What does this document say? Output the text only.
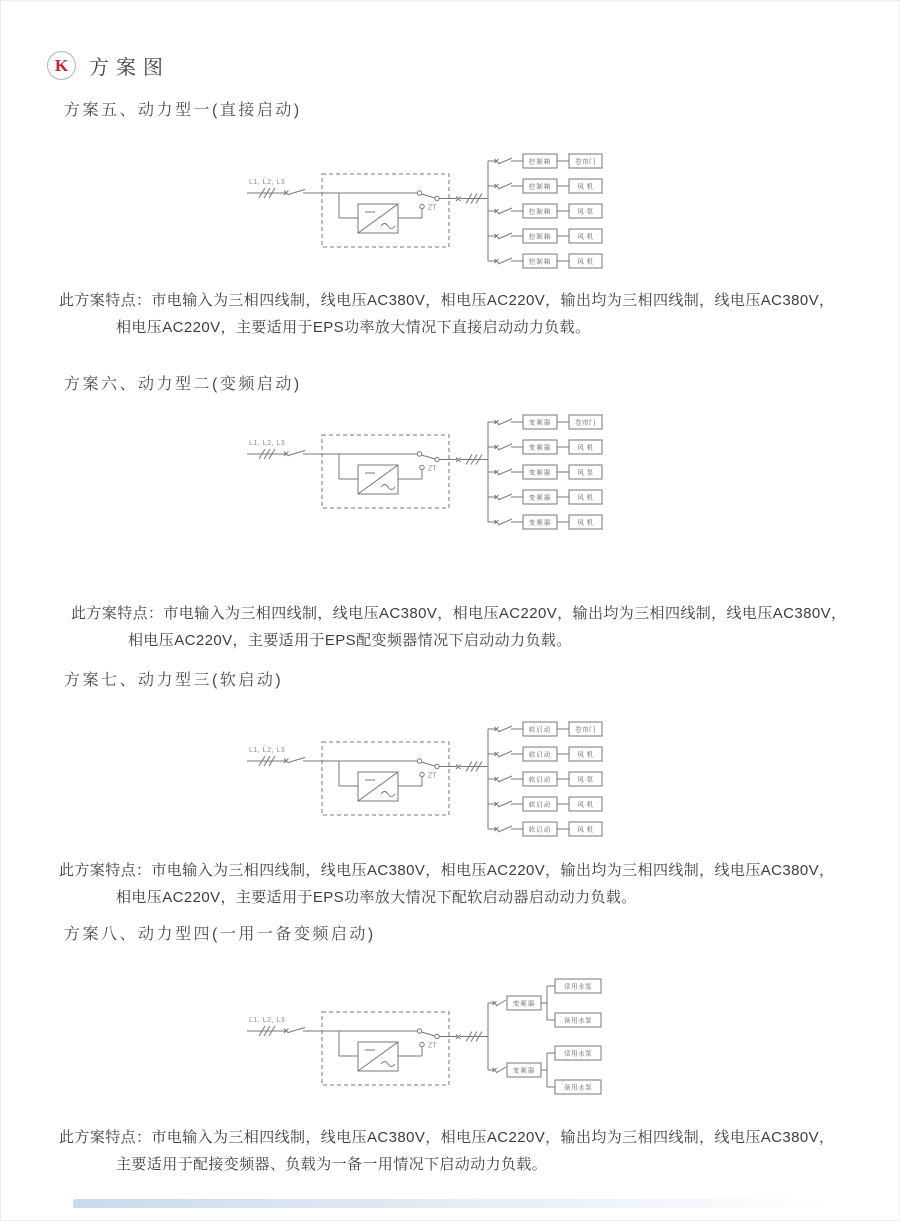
K	方案图
方案五、动力型一(直接启动)
L1, L2, L3
ZT
控制箱	卷帘门
控制箱	风 机
控制箱	风 泵
控制箱	风 机
控制箱	风 机
此方案特点：市电输入为三相四线制，线电压AC380V，相电压AC220V，输出均为三相四线制，线电压AC380V，
相电压AC220V，主要适用于EPS功率放大情况下直接启动动力负载。
方案六、动力型二(变频启动)
L1, L2, L3
ZT
变频器	卷帘门
变频器	风 机
变频器	风 泵
变频器	风 机
变频器	风 机
此方案特点：市电输入为三相四线制，线电压AC380V，相电压AC220V，输出均为三相四线制，线电压AC380V，
相电压AC220V，主要适用于EPS配变频器情况下启动动力负载。
方案七、动力型三(软启动)
L1, L2, L3
ZT
软启动	卷帘门
软启动	风 机
软启动	风 泵
软启动	风 机
软启动	风 机
此方案特点：市电输入为三相四线制，线电压AC380V，相电压AC220V，输出均为三相四线制，线电压AC380V，
相电压AC220V，主要适用于EPS功率放大情况下配软启动器启动动力负载。
方案八、动力型四(一用一备变频启动)
L1, L2, L3
ZT
变频器
常用水泵
备用水泵
变频器
常用水泵
备用水泵
此方案特点：市电输入为三相四线制，线电压AC380V，相电压AC220V，输出均为三相四线制，线电压AC380V，
主要适用于配接变频器、负载为一备一用情况下启动动力负载。
